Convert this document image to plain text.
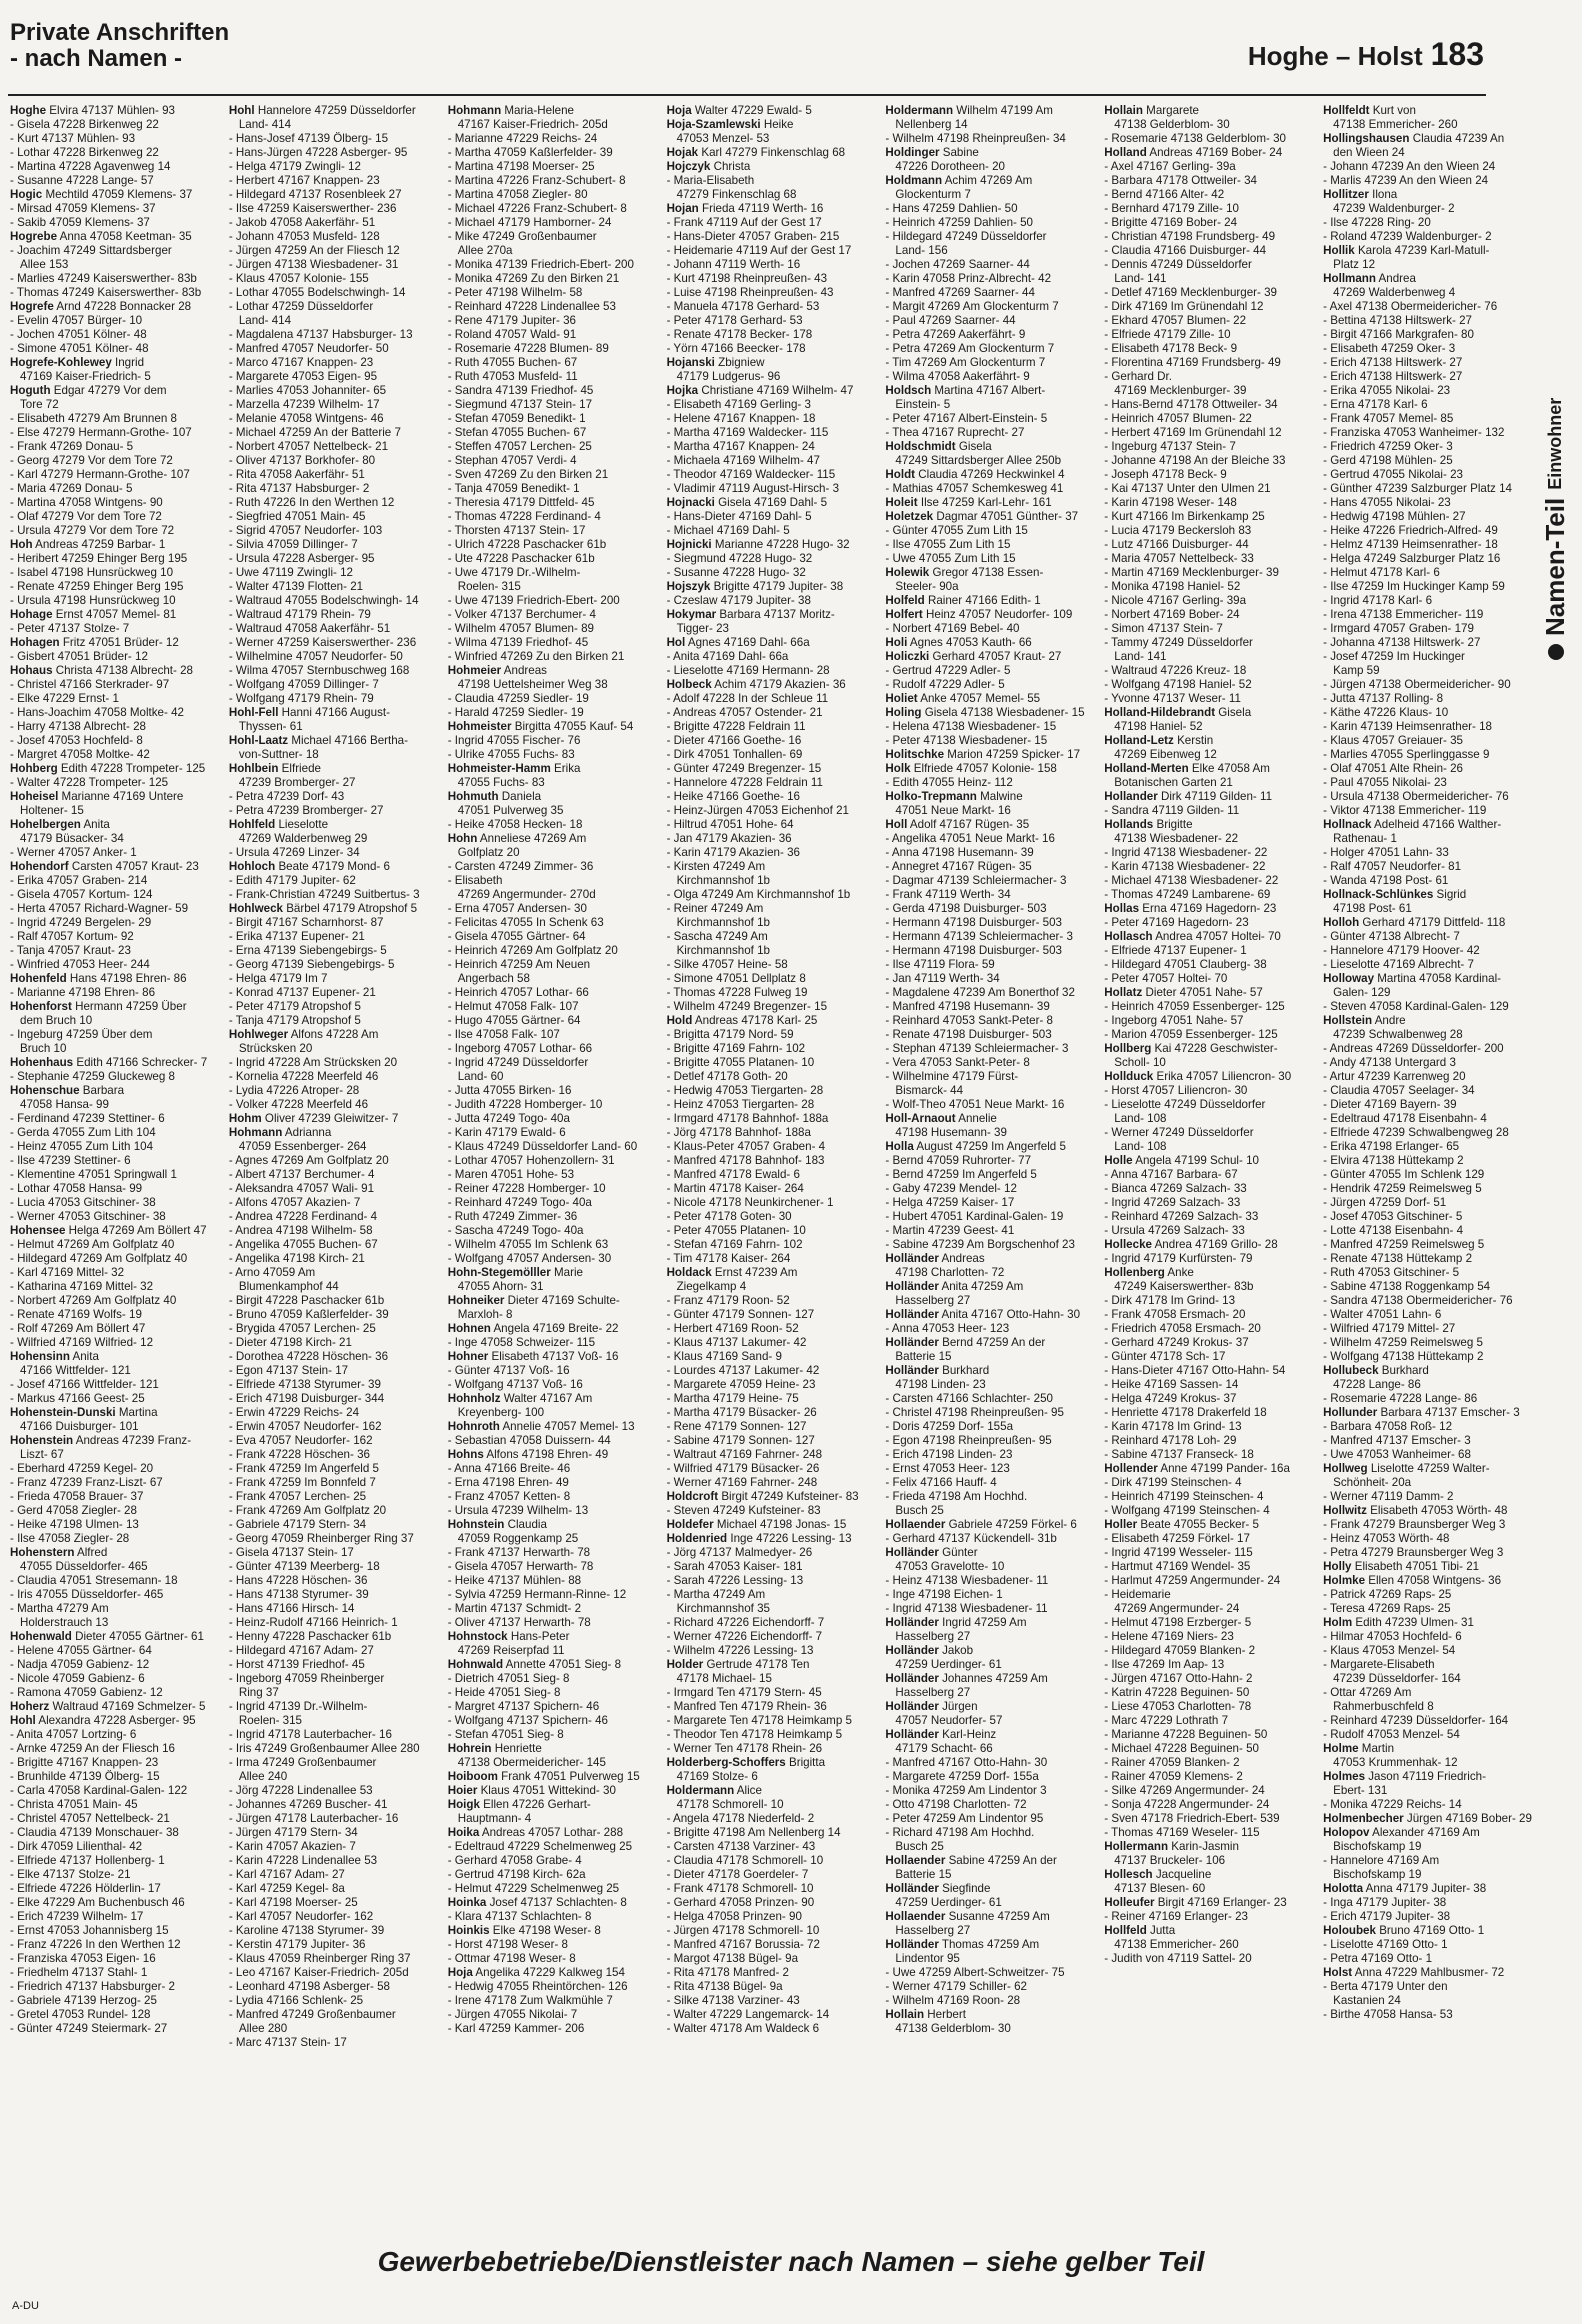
Private Anschriften
- nach Namen -	Hoghe – Holst 183
Namen-Teil
Einwohner

Hoghe Elvira 47137 Mühlen- 93

- Gisela 47228 Birkenweg 22

- Kurt 47137 Mühlen- 93

- Lothar 47228 Birkenweg 22

- Martina 47228 Agavenweg 14

- Susanne 47228 Lange- 57

Hogic Mechtild 47059 Klemens- 37

- Mirsad 47059 Klemens- 37

- Sakib 47059 Klemens- 37

Hogrebe Anna 47058 Keetman- 35

- Joachim 47249 Sittardsberger

Allee 153

- Marlies 47249 Kaiserswerther- 83b

- Thomas 47249 Kaiserswerther- 83b

Hogrefe Arnd 47228 Bonnacker 28

- Evelin 47057 Bürger- 10

- Jochen 47051 Kölner- 48

- Simone 47051 Kölner- 48

Hogrefe-Kohlewey Ingrid

47169 Kaiser-Friedrich- 5

Hoguth Edgar 47279 Vor dem

Tore 72

- Elisabeth 47279 Am Brunnen 8

- Else 47279 Hermann-Grothe- 107

- Frank 47269 Donau- 5

- Georg 47279 Vor dem Tore 72

- Karl 47279 Hermann-Grothe- 107

- Maria 47269 Donau- 5

- Martina 47058 Wintgens- 90

- Olaf 47279 Vor dem Tore 72

- Ursula 47279 Vor dem Tore 72

Hoh Andreas 47259 Barbar- 1

- Heribert 47259 Ehinger Berg 195

- Isabel 47198 Hunsrückweg 10

- Renate 47259 Ehinger Berg 195

- Ursula 47198 Hunsrückweg 10

Hohage Ernst 47057 Memel- 81

- Peter 47137 Stolze- 7

Hohagen Fritz 47051 Brüder- 12

- Gisbert 47051 Brüder- 12

Hohaus Christa 47138 Albrecht- 28

- Christel 47166 Sterkrader- 97

- Elke 47229 Ernst- 1

- Hans-Joachim 47058 Moltke- 42

- Harry 47138 Albrecht- 28

- Josef 47053 Hochfeld- 8

- Margret 47058 Moltke- 42

Hohberg Edith 47228 Trompeter- 125

- Walter 47228 Trompeter- 125

Hoheisel Marianne 47169 Untere

Holtener- 15

Hohelbergen Anita

47179 Büsacker- 34

- Werner 47057 Anker- 1

Hohendorf Carsten 47057 Kraut- 23

- Erika 47057 Graben- 214

- Gisela 47057 Kortum- 124

- Herta 47057 Richard-Wagner- 59

- Ingrid 47249 Bergelen- 29

- Ralf 47057 Kortum- 92

- Tanja 47057 Kraut- 23

- Winfried 47053 Heer- 244

Hohenfeld Hans 47198 Ehren- 86

- Marianne 47198 Ehren- 86

Hohenforst Hermann 47259 Über

dem Bruch 10

- Ingeburg 47259 Über dem

Bruch 10

Hohenhaus Edith 47166 Schrecker- 7

- Stephanie 47259 Gluckeweg 8

Hohenschue Barbara

47058 Hansa- 99

- Ferdinand 47239 Stettiner- 6

- Gerda 47055 Zum Lith 104

- Heinz 47055 Zum Lith 104

- Ilse 47239 Stettiner- 6

- Klementine 47051 Springwall 1

- Lothar 47058 Hansa- 99

- Lucia 47053 Gitschiner- 38

- Werner 47053 Gitschiner- 38

Hohensee Helga 47269 Am Böllert 47

- Helmut 47269 Am Golfplatz 40

- Hildegard 47269 Am Golfplatz 40

- Karl 47169 Mittel- 32

- Katharina 47169 Mittel- 32

- Norbert 47269 Am Golfplatz 40

- Renate 47169 Wolfs- 19

- Rolf 47269 Am Böllert 47

- Wilfried 47169 Wilfried- 12

Hohensinn Anita

47166 Wittfelder- 121

- Josef 47166 Wittfelder- 121

- Markus 47166 Geest- 25

Hohenstein-Dunski Martina

47166 Duisburger- 101

Hohenstein Andreas 47239 Franz-

Liszt- 67

- Eberhard 47259 Kegel- 20

- Franz 47239 Franz-Liszt- 67

- Frieda 47058 Brauer- 37

- Gerd 47058 Ziegler- 28

- Heike 47198 Ulmen- 13

- Ilse 47058 Ziegler- 28

Hohenstern Alfred

47055 Düsseldorfer- 465

- Claudia 47051 Stresemann- 18

- Iris 47055 Düsseldorfer- 465

- Martha 47279 Am

Holderstrauch 13

Hohenwald Dieter 47055 Gärtner- 61

- Helene 47055 Gärtner- 64

- Nadja 47059 Gabienz- 12

- Nicole 47059 Gabienz- 6

- Ramona 47059 Gabienz- 12

Hoherz Waltraud 47169 Schmelzer- 5

Hohl Alexandra 47228 Asberger- 95

- Anita 47057 Lortzing- 6

- Arnke 47259 An der Fliesch 16

- Brigitte 47167 Knappen- 23

- Brunhilde 47139 Ölberg- 15

- Carla 47058 Kardinal-Galen- 122

- Christa 47051 Main- 45

- Christel 47057 Nettelbeck- 21

- Claudia 47139 Monschauer- 38

- Dirk 47059 Lilienthal- 42

- Elfriede 47137 Hollenberg- 1

- Elke 47137 Stolze- 21

- Elfriede 47226 Hölderlin- 17

- Elke 47229 Am Buchenbusch 46

- Erich 47239 Wilhelm- 17

- Ernst 47053 Johannisberg 15

- Franz 47226 In den Werthen 12

- Franziska 47053 Eigen- 16

- Friedhelm 47137 Stahl- 1

- Friedrich 47137 Habsburger- 2

- Gabriele 47139 Herzog- 25

- Gretel 47053 Rundel- 128

- Günter 47249 Steiermark- 27

Hohl Hannelore 47259 Düsseldorfer

Land- 414

- Hans-Josef 47139 Ölberg- 15

- Hans-Jürgen 47228 Asberger- 95

- Helga 47179 Zwingli- 12

- Herbert 47167 Knappen- 23

- Hildegard 47137 Rosenbleek 27

- Ilse 47259 Kaiserswerther- 236

- Jakob 47058 Aakerfähr- 51

- Johann 47053 Musfeld- 128

- Jürgen 47259 An der Fliesch 12

- Jürgen 47138 Wiesbadener- 31

- Klaus 47057 Kolonie- 155

- Lothar 47055 Bodelschwingh- 14

- Lothar 47259 Düsseldorfer

Land- 414

- Magdalena 47137 Habsburger- 13

- Manfred 47057 Neudorfer- 50

- Marco 47167 Knappen- 23

- Margarete 47053 Eigen- 95

- Marlies 47053 Johanniter- 65

- Marzella 47239 Wilhelm- 17

- Melanie 47058 Wintgens- 46

- Michael 47259 An der Batterie 7

- Norbert 47057 Nettelbeck- 21

- Oliver 47137 Borkhofer- 80

- Rita 47058 Aakerfähr- 51

- Rita 47137 Habsburger- 2

- Ruth 47226 In den Werthen 12

- Siegfried 47051 Main- 45

- Sigrid 47057 Neudorfer- 103

- Silvia 47059 Dillinger- 7

- Ursula 47228 Asberger- 95

- Uwe 47119 Zwingli- 12

- Walter 47139 Flotten- 21

- Waltraud 47055 Bodelschwingh- 14

- Waltraud 47179 Rhein- 79

- Waltraud 47058 Aakerfähr- 51

- Werner 47259 Kaiserswerther- 236

- Wilhelmine 47057 Neudorfer- 50

- Wilma 47057 Sternbuschweg 168

- Wolfgang 47059 Dillinger- 7

- Wolfgang 47179 Rhein- 79

Hohl-Fell Hanni 47166 August-

Thyssen- 61

Hohl-Laatz Michael 47166 Bertha-

von-Suttner- 18

Hohlbein Elfriede

47239 Bromberger- 27

- Petra 47239 Dorf- 43

- Petra 47239 Bromberger- 27

Hohlfeld Lieselotte

47269 Walderbenweg 29

- Ursula 47269 Linzer- 34

Hohloch Beate 47179 Mond- 6

- Edith 47179 Jupiter- 62

- Frank-Christian 47249 Suitbertus- 3

Hohlweck Bärbel 47179 Atropshof 5

- Birgit 47167 Scharnhorst- 87

- Erika 47137 Eupener- 21

- Erna 47139 Siebengebirgs- 5

- Georg 47139 Siebengebirgs- 5

- Helga 47179 Im 7

- Konrad 47137 Eupener- 21

- Peter 47179 Atropshof 5

- Tanja 47179 Atropshof 5

Hohlweger Alfons 47228 Am

Strücksken 20

- Ingrid 47228 Am Strücksken 20

- Kornelia 47228 Meerfeld 46

- Lydia 47226 Atroper- 28

- Volker 47228 Meerfeld 46

Hohm Oliver 47239 Gleiwitzer- 7

Hohmann Adrianna

47059 Essenberger- 264

- Agnes 47269 Am Golfplatz 20

- Albert 47137 Berchumer- 4

- Aleksandra 47057 Wali- 91

- Alfons 47057 Akazien- 7

- Andrea 47228 Ferdinand- 4

- Andrea 47198 Wilhelm- 58

- Angelika 47055 Buchen- 67

- Angelika 47198 Kirch- 21

- Arno 47059 Am

Blumenkamphof 44

- Birgit 47228 Paschacker 61b

- Bruno 47059 Kaßlerfelder- 39

- Brygida 47057 Lerchen- 25

- Dieter 47198 Kirch- 21

- Dorothea 47228 Höschen- 36

- Egon 47137 Stein- 17

- Elfriede 47138 Styrumer- 39

- Erich 47198 Duisburger- 344

- Erwin 47229 Reichs- 24

- Erwin 47057 Neudorfer- 162

- Eva 47057 Neudorfer- 162

- Frank 47228 Höschen- 36

- Frank 47259 Im Angerfeld 5

- Frank 47259 Im Bonnfeld 7

- Frank 47057 Lerchen- 25

- Frank 47269 Am Golfplatz 20

- Gabriele 47179 Stern- 34

- Georg 47059 Rheinberger Ring 37

- Gisela 47137 Stein- 17

- Günter 47139 Meerberg- 18

- Hans 47228 Höschen- 36

- Hans 47138 Styrumer- 39

- Hans 47166 Hirsch- 14

- Heinz-Rudolf 47166 Heinrich- 1

- Henny 47228 Paschacker 61b

- Hildegard 47167 Adam- 27

- Horst 47139 Friedhof- 45

- Ingeborg 47059 Rheinberger

Ring 37

- Ingrid 47139 Dr.-Wilhelm-

Roelen- 315

- Ingrid 47178 Lauterbacher- 16

- Iris 47249 Großenbaumer Allee 280

- Irma 47249 Großenbaumer

Allee 240

- Jörg 47228 Lindenallee 53

- Johannes 47269 Buscher- 41

- Jürgen 47178 Lauterbacher- 16

- Jürgen 47179 Stern- 34

- Karin 47057 Akazien- 7

- Karin 47228 Lindenallee 53

- Karl 47167 Adam- 27

- Karl 47259 Kegel- 8a

- Karl 47198 Moerser- 25

- Karl 47057 Neudorfer- 162

- Karoline 47138 Styrumer- 39

- Kerstin 47179 Jupiter- 36

- Klaus 47059 Rheinberger Ring 37

- Leo 47167 Kaiser-Friedrich- 205d

- Leonhard 47198 Asberger- 58

- Lydia 47166 Schlenk- 25

- Manfred 47249 Großenbaumer

Allee 280

- Marc 47137 Stein- 17

Hohmann Maria-Helene

47167 Kaiser-Friedrich- 205d

- Marianne 47229 Reichs- 24

- Martha 47059 Kaßlerfelder- 39

- Martina 47198 Moerser- 25

- Martina 47226 Franz-Schubert- 8

- Martina 47058 Ziegler- 80

- Michael 47226 Franz-Schubert- 8

- Michael 47179 Hamborner- 24

- Mike 47249 Großenbaumer

Allee 270a

- Monika 47139 Friedrich-Ebert- 200

- Monika 47269 Zu den Birken 21

- Peter 47198 Wilhelm- 58

- Reinhard 47228 Lindenallee 53

- Rene 47179 Jupiter- 36

- Roland 47057 Wald- 91

- Rosemarie 47228 Blumen- 89

- Ruth 47055 Buchen- 67

- Ruth 47053 Musfeld- 11

- Sandra 47139 Friedhof- 45

- Siegmund 47137 Stein- 17

- Stefan 47059 Benedikt- 1

- Stefan 47055 Buchen- 67

- Steffen 47057 Lerchen- 25

- Stephan 47057 Verdi- 4

- Sven 47269 Zu den Birken 21

- Tanja 47059 Benedikt- 1

- Theresia 47179 Dittfeld- 45

- Thomas 47228 Ferdinand- 4

- Thorsten 47137 Stein- 17

- Ulrich 47228 Paschacker 61b

- Ute 47228 Paschacker 61b

- Uwe 47179 Dr.-Wilhelm-

Roelen- 315

- Uwe 47139 Friedrich-Ebert- 200

- Volker 47137 Berchumer- 4

- Wilhelm 47057 Blumen- 89

- Wilma 47139 Friedhof- 45

- Winfried 47269 Zu den Birken 21

Hohmeier Andreas

47198 Uettelsheimer Weg 38

- Claudia 47259 Siedler- 19

- Harald 47259 Siedler- 19

Hohmeister Birgitta 47055 Kauf- 54

- Ingrid 47055 Fischer- 76

- Ulrike 47055 Fuchs- 83

Hohmeister-Hamm Erika

47055 Fuchs- 83

Hohmuth Daniela

47051 Pulverweg 35

- Heike 47058 Hecken- 18

Hohn Anneliese 47269 Am

Golfplatz 20

- Carsten 47249 Zimmer- 36

- Elisabeth

47269 Angermunder- 270d

- Erna 47057 Andersen- 30

- Felicitas 47055 In Schenk 63

- Gisela 47055 Gärtner- 64

- Heinrich 47269 Am Golfplatz 20

- Heinrich 47259 Am Neuen

Angerbach 58

- Heinrich 47057 Lothar- 66

- Helmut 47058 Falk- 107

- Hugo 47055 Gärtner- 64

- Ilse 47058 Falk- 107

- Ingeborg 47057 Lothar- 66

- Ingrid 47249 Düsseldorfer

Land- 60

- Jutta 47055 Birken- 16

- Judith 47228 Homberger- 10

- Jutta 47249 Togo- 40a

- Karin 47179 Ewald- 6

- Klaus 47249 Düsseldorfer Land- 60

- Lothar 47057 Hohenzollern- 31

- Maren 47051 Hohe- 53

- Reiner 47228 Homberger- 10

- Reinhard 47249 Togo- 40a

- Ruth 47249 Zimmer- 36

- Sascha 47249 Togo- 40a

- Wilhelm 47055 Im Schlenk 63

- Wolfgang 47057 Andersen- 30

Hohn-Stegemölller Marie

47055 Ahorn- 31

Hohneiker Dieter 47169 Schulte-

Marxloh- 8

Hohnen Angela 47169 Breite- 22

- Inge 47058 Schweizer- 115

Hohner Elisabeth 47137 Voß- 16

- Günter 47137 Voß- 16

- Wolfgang 47137 Voß- 16

Hohnholz Walter 47167 Am

Kreyenberg- 100

Hohnroth Annelie 47057 Memel- 13

- Sebastian 47058 Duissern- 44

Hohns Alfons 47198 Ehren- 49

- Anna 47166 Breite- 46

- Erna 47198 Ehren- 49

- Franz 47057 Ketten- 8

- Ursula 47239 Wilhelm- 13

Hohnstein Claudia

47059 Roggenkamp 25

- Frank 47137 Herwarth- 78

- Gisela 47057 Herwarth- 78

- Heike 47137 Mühlen- 88

- Sylvia 47259 Hermann-Rinne- 12

- Martin 47137 Schmidt- 2

- Oliver 47137 Herwarth- 78

Hohnstock Hans-Peter

47269 Reiserpfad 11

Hohnwald Annette 47051 Sieg- 8

- Dietrich 47051 Sieg- 8

- Heide 47051 Sieg- 8

- Margret 47137 Spichern- 46

- Wolfgang 47137 Spichern- 46

- Stefan 47051 Sieg- 8

Hohrein Henriette

47138 Obermeidericher- 145

Hoiboom Frank 47051 Pulverweg 15

Hoier Klaus 47051 Wittekind- 30

Hoigk Ellen 47226 Gerhart-

Hauptmann- 4

Hoika Andreas 47057 Lothar- 288

- Edeltraud 47229 Schelmenweg 25

- Gerhard 47058 Grabe- 4

- Gertrud 47198 Kirch- 62a

- Helmut 47229 Schelmenweg 25

Hoinka Josef 47137 Schlachten- 8

- Klara 47137 Schlachten- 8

Hoinkis Elke 47198 Weser- 8

- Horst 47198 Weser- 8

- Ottmar 47198 Weser- 8

Hoja Angelika 47229 Kalkweg 154

- Hedwig 47055 Rheintörchen- 126

- Irene 47178 Zum Walkmühle 7

- Jürgen 47055 Nikolai- 7

- Karl 47259 Kammer- 206

Hoja Walter 47229 Ewald- 5

Hoja-Szamlewski Heike

47053 Menzel- 53

Hojak Karl 47279 Finkenschlag 68

Hojczyk Christa

- Maria-Elisabeth

47279 Finkenschlag 68

Hojan Frieda 47119 Werth- 16

- Frank 47119 Auf der Gest 17

- Hans-Dieter 47057 Graben- 215

- Heidemarie 47119 Auf der Gest 17

- Johann 47119 Werth- 16

- Kurt 47198 Rheinpreußen- 43

- Luise 47198 Rheinpreußen- 43

- Manuela 47178 Gerhard- 53

- Peter 47178 Gerhard- 53

- Renate 47178 Becker- 178

- Yörn 47166 Beecker- 178

Hojanski Zbigniew

47179 Ludgerus- 96

Hojka Christiane 47169 Wilhelm- 47

- Elisabeth 47169 Gerling- 3

- Helene 47167 Knappen- 18

- Martha 47169 Waldecker- 115

- Martha 47167 Knappen- 24

- Michaela 47169 Wilhelm- 47

- Theodor 47169 Waldecker- 115

- Vladimir 47119 August-Hirsch- 3

Hojnacki Gisela 47169 Dahl- 5

- Hans-Dieter 47169 Dahl- 5

- Michael 47169 Dahl- 5

Hojnicki Marianne 47228 Hugo- 32

- Siegmund 47228 Hugo- 32

- Susanne 47228 Hugo- 32

Hojszyk Brigitte 47179 Jupiter- 38

- Czeslaw 47179 Jupiter- 38

Hokymar Barbara 47137 Moritz-

Tigger- 23

Hol Agnes 47169 Dahl- 66a

- Anita 47169 Dahl- 66a

- Lieselotte 47169 Hermann- 28

Holbeck Achim 47179 Akazien- 36

- Adolf 47228 In der Schleue 11

- Andreas 47057 Ostender- 21

- Brigitte 47228 Feldrain 11

- Dieter 47166 Goethe- 16

- Dirk 47051 Tonhallen- 69

- Günter 47249 Bregenzer- 15

- Hannelore 47228 Feldrain 11

- Heike 47166 Goethe- 16

- Heinz-Jürgen 47053 Eichenhof 21

- Hiltrud 47051 Hohe- 64

- Jan 47179 Akazien- 36

- Karin 47179 Akazien- 36

- Kirsten 47249 Am

Kirchmannshof 1b

- Olga 47249 Am Kirchmannshof 1b

- Reiner 47249 Am

Kirchmannshof 1b

- Sascha 47249 Am

Kirchmannshof 1b

- Silke 47057 Heine- 58

- Simone 47051 Dellplatz 8

- Thomas 47228 Fulweg 19

- Wilhelm 47249 Bregenzer- 15

Hold Andreas 47178 Karl- 25

- Brigitta 47179 Nord- 59

- Brigitte 47169 Fahrn- 102

- Brigitte 47055 Platanen- 10

- Detlef 47178 Goth- 20

- Hedwig 47053 Tiergarten- 28

- Heinz 47053 Tiergarten- 28

- Irmgard 47178 Bahnhof- 188a

- Jörg 47178 Bahnhof- 188a

- Klaus-Peter 47057 Graben- 4

- Manfred 47178 Bahnhof- 183

- Manfred 47178 Ewald- 6

- Martin 47178 Kaiser- 264

- Nicole 47178 Neunkirchener- 1

- Peter 47178 Goten- 30

- Peter 47055 Platanen- 10

- Stefan 47169 Fahrn- 102

- Tim 47178 Kaiser- 264

Holdack Ernst 47239 Am

Ziegelkamp 4

- Franz 47179 Roon- 52

- Günter 47179 Sonnen- 127

- Herbert 47169 Roon- 52

- Klaus 47137 Lakumer- 42

- Klaus 47169 Sand- 9

- Lourdes 47137 Lakumer- 42

- Margarete 47059 Heine- 23

- Martha 47179 Heine- 75

- Martha 47179 Büsacker- 26

- Rene 47179 Sonnen- 127

- Sabine 47179 Sonnen- 127

- Waltraut 47169 Fahrner- 248

- Wilfried 47179 Büsacker- 26

- Werner 47169 Fahrner- 248

Holdcroft Birgit 47249 Kufsteiner- 83

- Steven 47249 Kufsteiner- 83

Holdefer Michael 47198 Jonas- 15

Holdenried Inge 47226 Lessing- 13

- Jörg 47137 Malmedyer- 26

- Sarah 47053 Kaiser- 181

- Sarah 47226 Lessing- 13

- Martha 47249 Am

Kirchmannshof 35

- Richard 47226 Eichendorff- 7

- Werner 47226 Eichendorff- 7

- Wilhelm 47226 Lessing- 13

Holder Gertrude 47178 Ten

47178 Michael- 15

- Irmgard Ten 47179 Stern- 45

- Manfred Ten 47179 Rhein- 36

- Margarete Ten 47178 Heimkamp 5

- Theodor Ten 47178 Heimkamp 5

- Werner Ten 47178 Rhein- 26

Holderberg-Schoffers Brigitta

47169 Stolze- 6

Holdermann Alice

47178 Schmorell- 10

- Angela 47178 Niederfeld- 2

- Brigitte 47198 Am Nellenberg 14

- Carsten 47138 Varziner- 43

- Claudia 47178 Schmorell- 10

- Dieter 47178 Goerdeler- 7

- Frank 47178 Schmorell- 10

- Gerhard 47058 Prinzen- 90

- Helga 47058 Prinzen- 90

- Jürgen 47178 Schmorell- 10

- Manfred 47167 Borussia- 72

- Margot 47138 Bügel- 9a

- Rita 47178 Manfred- 2

- Rita 47138 Bügel- 9a

- Silke 47138 Varziner- 43

- Walter 47229 Langemarck- 14

- Walter 47178 Am Waldeck 6

Holdermann Wilhelm 47199 Am

Nellenberg 14

- Wilhelm 47198 Rheinpreußen- 34

Holdinger Sabine

47226 Dorotheen- 20

Holdmann Achim 47269 Am

Glockenturm 7

- Hans 47259 Dahlien- 50

- Heinrich 47259 Dahlien- 50

- Hildegard 47249 Düsseldorfer

Land- 156

- Jochen 47269 Saarner- 44

- Karin 47058 Prinz-Albrecht- 42

- Manfred 47269 Saarner- 44

- Margit 47269 Am Glockenturm 7

- Paul 47269 Saarner- 44

- Petra 47269 Aakerfährt- 9

- Petra 47269 Am Glockenturm 7

- Tim 47269 Am Glockenturm 7

- Wilma 47058 Aakerfährt- 9

Holdsch Martina 47167 Albert-

Einstein- 5

- Peter 47167 Albert-Einstein- 5

- Thea 47167 Ruprecht- 27

Holdschmidt Gisela

47249 Sittardsberger Allee 250b

Holdt Claudia 47269 Heckwinkel 4

- Mathias 47057 Schemkesweg 41

Holeit Ilse 47259 Karl-Lehr- 161

Holetzek Dagmar 47051 Günther- 37

- Günter 47055 Zum Lith 15

- Ilse 47055 Zum Lith 15

- Uwe 47055 Zum Lith 15

Holewik Gregor 47138 Essen-

Steeler- 90a

Holfeld Rainer 47166 Edith- 1

Holfert Heinz 47057 Neudorfer- 109

- Norbert 47169 Bebel- 40

Holi Agnes 47053 Kauth- 66

Holiczki Gerhard 47057 Kraut- 27

- Gertrud 47229 Adler- 5

- Rudolf 47229 Adler- 5

Holiet Anke 47057 Memel- 55

Holing Gisela 47138 Wiesbadener- 15

- Helena 47138 Wiesbadener- 15

- Peter 47138 Wiesbadener- 15

Holitschke Marion 47259 Spicker- 17

Holk Elfriede 47057 Kolonie- 158

- Edith 47055 Heinz- 112

Holko-Trepmann Malwine

47051 Neue Markt- 16

Holl Adolf 47167 Rügen- 35

- Angelika 47051 Neue Markt- 16

- Anna 47198 Husemann- 39

- Annegret 47167 Rügen- 35

- Dagmar 47139 Schleiermacher- 3

- Frank 47119 Werth- 34

- Gerda 47198 Duisburger- 503

- Hermann 47198 Duisburger- 503

- Hermann 47139 Schleiermacher- 3

- Hermann 47198 Duisburger- 503

- Ilse 47119 Flora- 59

- Jan 47119 Werth- 34

- Magdalene 47239 Am Bonerthof 32

- Manfred 47198 Husemann- 39

- Reinhard 47053 Sankt-Peter- 8

- Renate 47198 Duisburger- 503

- Stephan 47139 Schleiermacher- 3

- Vera 47053 Sankt-Peter- 8

- Wilhelmine 47179 Fürst-

Bismarck- 44

- Wolf-Theo 47051 Neue Markt- 16

Holl-Arnaout Annelie

47198 Husemann- 39

Holla August 47259 Im Angerfeld 5

- Bernd 47059 Ruhrorter- 77

- Bernd 47259 Im Angerfeld 5

- Gaby 47239 Mendel- 12

- Helga 47259 Kaiser- 17

- Hubert 47051 Kardinal-Galen- 19

- Martin 47239 Geest- 41

- Sabine 47239 Am Borgschenhof 23

Holländer Andreas

47198 Charlotten- 72

Holländer Anita 47259 Am

Hasselberg 27

Holländer Anita 47167 Otto-Hahn- 30

- Anna 47053 Heer- 123

Holländer Bernd 47259 An der

Batterie 15

Holländer Burkhard

47198 Linden- 23

- Carsten 47166 Schlachter- 250

- Christel 47198 Rheinpreußen- 95

- Doris 47259 Dorf- 155a

- Egon 47198 Rheinpreußen- 95

- Erich 47198 Linden- 23

- Ernst 47053 Heer- 123

- Felix 47166 Hauff- 4

- Frieda 47198 Am Hochhd.

Busch 25

Hollaender Gabriele 47259 Förkel- 6

- Gerhard 47137 Kückendell- 31b

Holländer Günter

47053 Gravelotte- 10

- Heinz 47138 Wiesbadener- 11

- Inge 47198 Eichen- 1

- Ingrid 47138 Wiesbadener- 11

Holländer Ingrid 47259 Am

Hasselberg 27

Holländer Jakob

47259 Uerdinger- 61

Holländer Johannes 47259 Am

Hasselberg 27

Holländer Jürgen

47057 Neudorfer- 57

Holländer Karl-Heinz

47179 Schacht- 66

- Manfred 47167 Otto-Hahn- 30

- Margarete 47259 Dorf- 155a

- Monika 47259 Am Lindentor 3

- Otto 47198 Charlotten- 72

- Peter 47259 Am Lindentor 95

- Richard 47198 Am Hochhd.

Busch 25

Hollaender Sabine 47259 An der

Batterie 15

Holländer Siegfinde

47259 Uerdinger- 61

Hollaender Susanne 47259 Am

Hasselberg 27

Holländer Thomas 47259 Am

Lindentor 95

- Uwe 47259 Albert-Schweitzer- 75

- Werner 47179 Schiller- 62

- Wilhelm 47169 Roon- 28

Hollain Herbert

47138 Gelderblom- 30

Hollain Margarete

47138 Gelderblom- 30

- Rosemarie 47138 Gelderblom- 30

Holland Andreas 47169 Bober- 24

- Axel 47167 Gerling- 39a

- Barbara 47178 Ottweiler- 34

- Bernd 47166 Alter- 42

- Bernhard 47179 Zille- 10

- Brigitte 47169 Bober- 24

- Christian 47198 Frundsberg- 49

- Claudia 47166 Duisburger- 44

- Dennis 47249 Düsseldorfer

Land- 141

- Detlef 47169 Mecklenburger- 39

- Dirk 47169 Im Grünendahl 12

- Ekhard 47057 Blumen- 22

- Elfriede 47179 Zille- 10

- Elisabeth 47178 Beck- 9

- Florentina 47169 Frundsberg- 49

- Gerhard Dr.

47169 Mecklenburger- 39

- Hans-Bernd 47178 Ottweiler- 34

- Heinrich 47057 Blumen- 22

- Herbert 47169 Im Grünendahl 12

- Ingeburg 47137 Stein- 7

- Johanne 47198 An der Bleiche 33

- Joseph 47178 Beck- 9

- Kai 47137 Unter den Ulmen 21

- Karin 47198 Weser- 148

- Kurt 47166 Im Birkenkamp 25

- Lucia 47179 Beckersloh 83

- Lutz 47166 Duisburger- 44

- Maria 47057 Nettelbeck- 33

- Martin 47169 Mecklenburger- 39

- Monika 47198 Haniel- 52

- Nicole 47167 Gerling- 39a

- Norbert 47169 Bober- 24

- Simon 47137 Stein- 7

- Tammy 47249 Düsseldorfer

Land- 141

- Waltraud 47226 Kreuz- 18

- Wolfgang 47198 Haniel- 52

- Yvonne 47137 Weser- 11

Holland-Hildebrandt Gisela

47198 Haniel- 52

Holland-Letz Kerstin

47269 Eibenweg 12

Holland-Merten Elke 47058 Am

Botanischen Garten 21

Hollander Dirk 47119 Gilden- 11

- Sandra 47119 Gilden- 11

Hollands Brigitte

47138 Wiesbadener- 22

- Ingrid 47138 Wiesbadener- 22

- Karin 47138 Wiesbadener- 22

- Michael 47138 Wiesbadener- 22

- Thomas 47249 Lambarene- 69

Hollas Erna 47169 Hagedorn- 23

- Peter 47169 Hagedorn- 23

Hollasch Andrea 47057 Holtei- 70

- Elfriede 47137 Eupener- 1

- Hildegard 47051 Clauberg- 38

- Peter 47057 Holtei- 70

Hollatz Dieter 47051 Nahe- 57

- Heinrich 47059 Essenberger- 125

- Ingeborg 47051 Nahe- 57

- Marion 47059 Essenberger- 125

Hollberg Kai 47228 Geschwister-

Scholl- 10

Hollduck Erika 47057 Liliencron- 30

- Horst 47057 Liliencron- 30

- Lieselotte 47249 Düsseldorfer

Land- 108

- Werner 47249 Düsseldorfer

Land- 108

Holle Angela 47199 Schul- 10

- Anna 47167 Barbara- 67

- Bianca 47269 Salzach- 33

- Ingrid 47269 Salzach- 33

- Reinhard 47269 Salzach- 33

- Ursula 47269 Salzach- 33

Hollecke Andrea 47169 Grillo- 28

- Ingrid 47179 Kurfürsten- 79

Hollenberg Anke

47249 Kaiserswerther- 83b

- Dirk 47178 Im Grind- 13

- Frank 47058 Ersmach- 20

- Friedrich 47058 Ersmach- 20

- Gerhard 47249 Krokus- 37

- Günter 47178 Sch- 17

- Hans-Dieter 47167 Otto-Hahn- 54

- Heike 47169 Sassen- 14

- Helga 47249 Krokus- 37

- Henriette 47178 Drakerfeld 18

- Karin 47178 Im Grind- 13

- Reinhard 47178 Loh- 29

- Sabine 47137 Franseck- 18

Hollender Anne 47199 Pander- 16a

- Dirk 47199 Steinschen- 4

- Heinrich 47199 Steinschen- 4

- Wolfgang 47199 Steinschen- 4

Holler Beate 47055 Becker- 5

- Elisabeth 47259 Förkel- 17

- Ingrid 47199 Wesseler- 115

- Hartmut 47169 Wendel- 35

- Harlmut 47259 Angermunder- 24

- Heidemarie

47269 Angermunder- 24

- Helmut 47198 Erzberger- 5

- Helene 47169 Niers- 23

- Hildegard 47059 Blanken- 2

- Ilse 47269 Im Aap- 13

- Jürgen 47167 Otto-Hahn- 2

- Katrin 47228 Beguinen- 50

- Liese 47053 Charlotten- 78

- Marc 47229 Lothrath 7

- Marianne 47228 Beguinen- 50

- Michael 47228 Beguinen- 50

- Rainer 47059 Blanken- 2

- Rainer 47059 Klemens- 2

- Silke 47269 Angermunder- 24

- Sonja 47228 Angermunder- 24

- Sven 47178 Friedrich-Ebert- 539

- Thomas 47169 Weseler- 115

Hollermann Karin-Jasmin

47137 Bruckeler- 106

Hollesch Jacqueline

47137 Blesen- 60

Holleufer Birgit 47169 Erlanger- 23

- Reiner 47169 Erlanger- 23

Hollfeld Jutta

47138 Emmericher- 260

- Judith von 47119 Sattel- 20

Hollfeldt Kurt von

47138 Emmericher- 260

Hollingshausen Claudia 47239 An

den Wieen 24

- Johann 47239 An den Wieen 24

- Marlis 47239 An den Wieen 24

Hollitzer Ilona

47239 Waldenburger- 2

- Ilse 47228 Ring- 20

- Roland 47239 Waldenburger- 2

Hollik Karola 47239 Karl-Matull-

Platz 12

Hollmann Andrea

47269 Walderbenweg 4

- Axel 47138 Obermeidericher- 76

- Bettina 47138 Hiltswerk- 27

- Birgit 47166 Markgrafen- 80

- Elisabeth 47259 Oker- 3

- Erich 47138 Hiltswerk- 27

- Erich 47138 Hiltswerk- 27

- Erika 47055 Nikolai- 23

- Erna 47178 Karl- 6

- Frank 47057 Memel- 85

- Franziska 47053 Wanheimer- 132

- Friedrich 47259 Oker- 3

- Gerd 47198 Mühlen- 25

- Gertrud 47055 Nikolai- 23

- Günther 47239 Salzburger Platz 14

- Hans 47055 Nikolai- 23

- Hedwig 47198 Mühlen- 27

- Heike 47226 Friedrich-Alfred- 49

- Helmz 47139 Heimsenrather- 18

- Helga 47249 Salzburger Platz 16

- Helmut 47178 Karl- 6

- Ilse 47259 Im Huckinger Kamp 59

- Ingrid 47178 Karl- 6

- Irena 47138 Emmericher- 119

- Irmgard 47057 Graben- 179

- Johanna 47138 Hiltswerk- 27

- Josef 47259 Im Huckinger

Kamp 59

- Jürgen 47138 Obermeidericher- 90

- Jutta 47137 Rolling- 8

- Käthe 47226 Klaus- 10

- Karin 47139 Heimsenrather- 18

- Klaus 47057 Greiauer- 35

- Marlies 47055 Sperlinggasse 9

- Olaf 47051 Alte Rhein- 26

- Paul 47055 Nikolai- 23

- Ursula 47138 Obermeidericher- 76

- Viktor 47138 Emmericher- 119

Hollnack Adelheid 47166 Walther-

Rathenau- 1

- Holger 47051 Lahn- 33

- Ralf 47057 Neudorfer- 81

- Wanda 47198 Post- 61

Hollnack-Schlünkes Sigrid

47198 Post- 61

Holloh Gerhard 47179 Dittfeld- 118

- Günter 47138 Albrecht- 7

- Hannelore 47179 Hoover- 42

- Lieselotte 47169 Albrecht- 7

Holloway Martina 47058 Kardinal-

Galen- 129

- Steven 47058 Kardinal-Galen- 129

Hollstein Andre

47239 Schwalbenweg 28

- Andreas 47269 Düsseldorfer- 200

- Andy 47138 Untergard 3

- Artur 47239 Karrenweg 20

- Claudia 47057 Seelager- 34

- Dieter 47169 Bayern- 39

- Edeltraud 47178 Eisenbahn- 4

- Elfriede 47239 Schwalbengweg 28

- Erika 47198 Erlanger- 65

- Elvira 47138 Hüttekamp 2

- Günter 47055 Im Schlenk 129

- Hendrik 47259 Reimelsweg 5

- Jürgen 47259 Dorf- 51

- Josef 47053 Gitschiner- 5

- Lotte 47138 Eisenbahn- 4

- Manfred 47259 Reimelsweg 5

- Renate 47138 Hüttekamp 2

- Ruth 47053 Gitschiner- 5

- Sabine 47138 Roggenkamp 54

- Sandra 47138 Obermeidericher- 76

- Walter 47051 Lahn- 6

- Wilfried 47179 Mittel- 27

- Wilhelm 47259 Reimelsweg 5

- Wolfgang 47138 Hüttekamp 2

Hollubeck Burkhard

47228 Lange- 86

- Rosemarie 47228 Lange- 86

Hollunder Barbara 47137 Emscher- 3

- Barbara 47058 Roß- 12

- Manfred 47137 Emscher- 3

- Uwe 47053 Wanheimer- 68

Hollweg Liselotte 47259 Walter-

Schönheit- 20a

- Werner 47119 Damm- 2

Hollwitz Elisabeth 47053 Wörth- 48

- Frank 47279 Braunsberger Weg 3

- Heinz 47053 Wörth- 48

- Petra 47279 Braunsberger Weg 3

Holly Elisabeth 47051 Tibi- 21

Holmke Ellen 47058 Wintgens- 36

- Patrick 47269 Raps- 25

- Teresa 47269 Raps- 25

Holm Edith 47239 Ulmen- 31

- Hilmar 47053 Hochfeld- 6

- Klaus 47053 Menzel- 54

- Margarete-Elisabeth

47239 Düsseldorfer- 164

- Ottar 47269 Am

Rahmerbuschfeld 8

- Reinhard 47239 Düsseldorfer- 164

- Rudolf 47053 Menzel- 54

Holme Martin

47053 Krummenhak- 12

Holmes Jason 47119 Friedrich-

Ebert- 131

- Monika 47229 Reichs- 14

Holmenbecher Jürgen 47169 Bober- 29

Holopov Alexander 47169 Am

Bischofskamp 19

- Hannelore 47169 Am

Bischofskamp 19

Holotta Anna 47179 Jupiter- 38

- Inga 47179 Jupiter- 38

- Erich 47179 Jupiter- 38

Holoubek Bruno 47169 Otto- 1

- Liselotte 47169 Otto- 1

- Petra 47169 Otto- 1

Holst Anna 47229 Mahlbusmer- 72

- Berta 47179 Unter den

Kastanien 24

- Birthe 47058 Hansa- 53

Gewerbebetriebe/Dienstleister nach Namen – siehe gelber Teil
A-DU
